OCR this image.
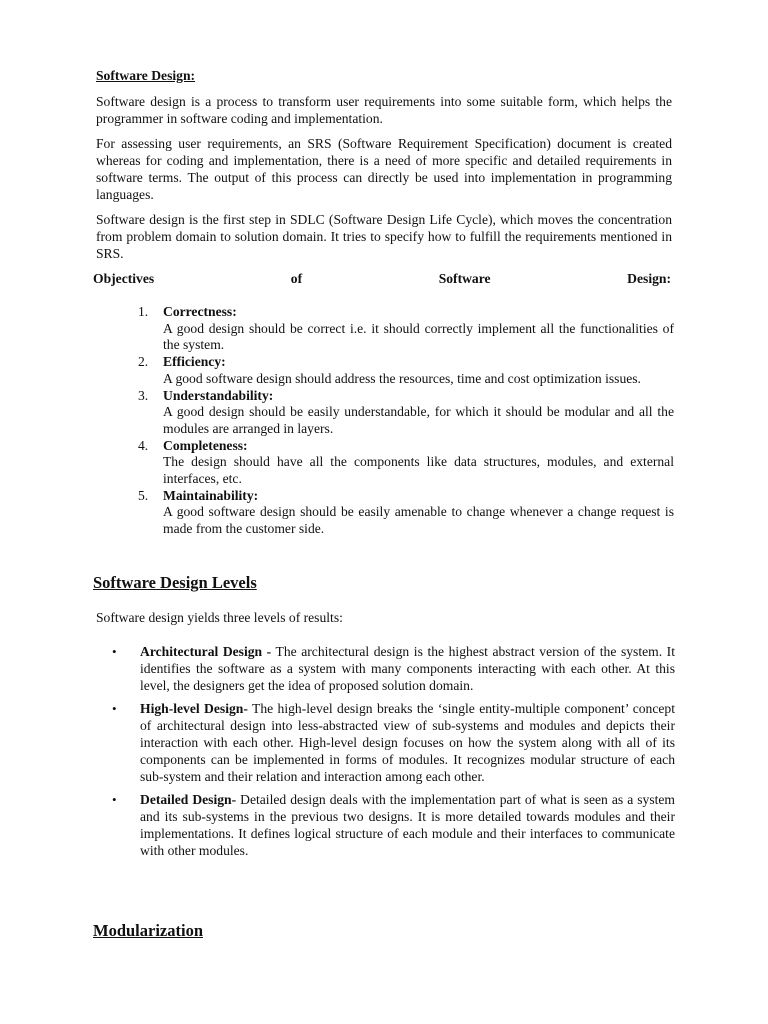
Software Design:

Software design is a process to transform user requirements into some suitable form, which helps the programmer in software coding and implementation.

For assessing user requirements, an SRS (Software Requirement Specification) document is created whereas for coding and implementation, there is a need of more specific and detailed requirements in software terms. The output of this process can directly be used into implementation in programming languages.

Software design is the first step in SDLC (Software Design Life Cycle), which moves the concentration from problem domain to solution domain. It tries to specify how to fulfill the requirements mentioned in SRS.

Objectives	of	Software	Design:
1.	Correctness:
A good design should be correct i.e. it should correctly implement all the functionalities of the system.
2.	Efficiency:
A good software design should address the resources, time and cost optimization issues.
3.	Understandability:
A good design should be easily understandable, for which it should be modular and all the modules are arranged in layers.
4.	Completeness:
The design should have all the components like data structures, modules, and external interfaces, etc.
5.	Maintainability:
A good software design should be easily amenable to change whenever a change request is made from the customer side.
Software Design Levels

Software design yields three levels of results:

•	Architectural Design - The architectural design is the highest abstract version of the system. It identifies the software as a system with many components interacting with each other. At this level, the designers get the idea of proposed solution domain.
•	High-level Design- The high-level design breaks the ‘single entity-multiple component’ concept of architectural design into less-abstracted view of sub-systems and modules and depicts their interaction with each other. High-level design focuses on how the system along with all of its components can be implemented in forms of modules. It recognizes modular structure of each sub-system and their relation and interaction among each other.
•	Detailed Design- Detailed design deals with the implementation part of what is seen as a system and its sub-systems in the previous two designs. It is more detailed towards modules and their implementations. It defines logical structure of each module and their interfaces to communicate with other modules.
Modularization
